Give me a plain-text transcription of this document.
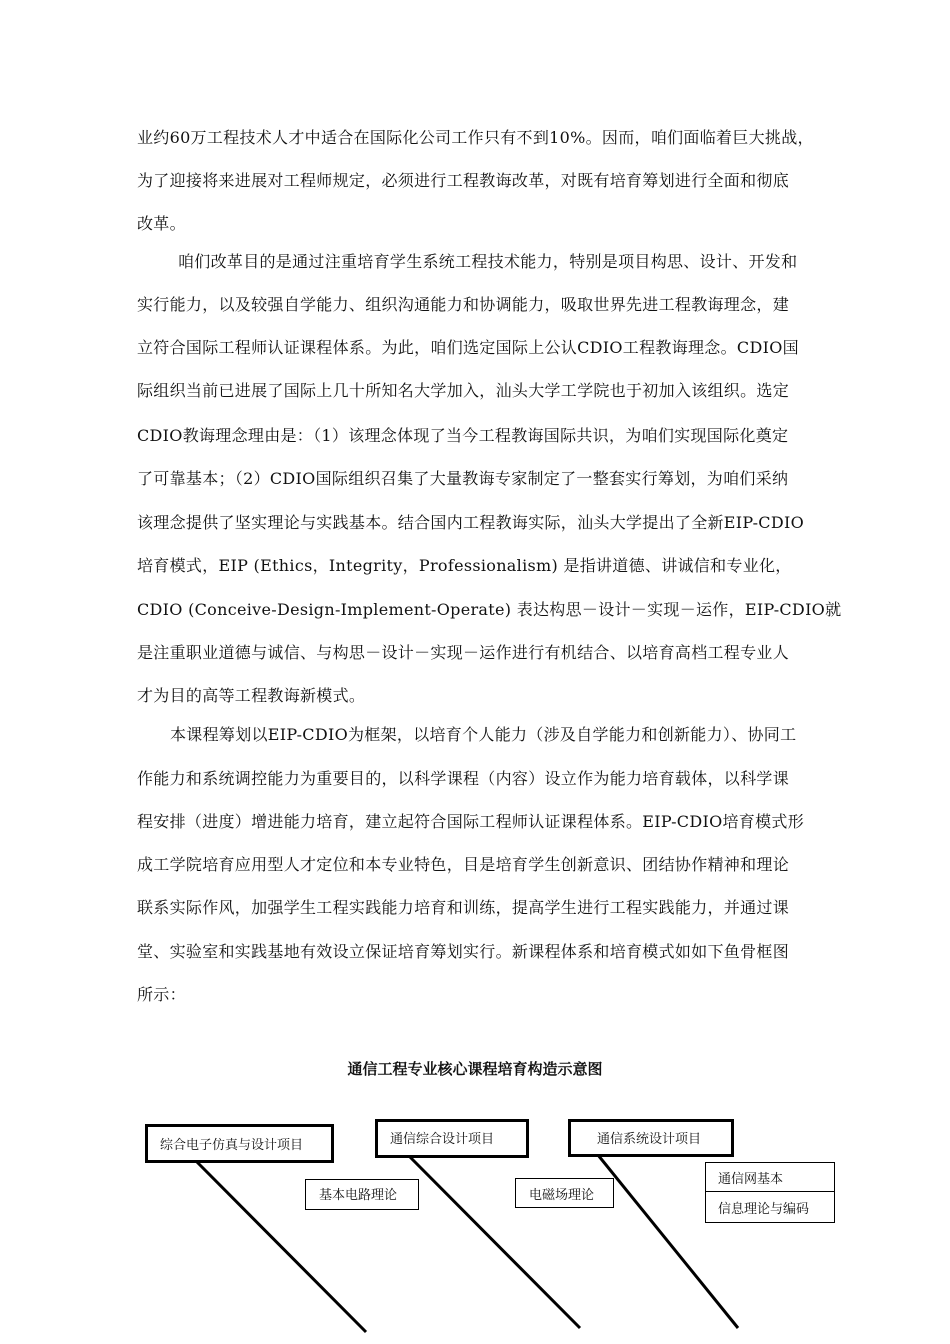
业约60万工程技术人才中适合在国际化公司工作只有不到10%。因而，咱们面临着巨大挑战，
为了迎接将来进展对工程师规定，必须进行工程教诲改革，对既有培育筹划进行全面和彻底
改革。
咱们改革目的是通过注重培育学生系统工程技术能力，特别是项目构思、设计、开发和
实行能力，以及较强自学能力、组织沟通能力和协调能力，吸取世界先进工程教诲理念，建
立符合国际工程师认证课程体系。为此，咱们选定国际上公认CDIO工程教诲理念。CDIO国
际组织当前已进展了国际上几十所知名大学加入，汕头大学工学院也于初加入该组织。选定
CDIO教诲理念理由是：（1）该理念体现了当今工程教诲国际共识，为咱们实现国际化奠定
了可靠基本；（2）CDIO国际组织召集了大量教诲专家制定了一整套实行筹划，为咱们采纳
该理念提供了坚实理论与实践基本。结合国内工程教诲实际，汕头大学提出了全新EIP-CDIO
培育模式，EIP (Ethics，Integrity，Professionalism) 是指讲道德、讲诚信和专业化，
CDIO (Conceive-Design-Implement-Operate) 表达构思－设计－实现－运作，EIP-CDIO就
是注重职业道德与诚信、与构思－设计－实现－运作进行有机结合、以培育高档工程专业人
才为目的高等工程教诲新模式。
本课程筹划以EIP-CDIO为框架，以培育个人能力（涉及自学能力和创新能力）、协同工
作能力和系统调控能力为重要目的，以科学课程（内容）设立作为能力培育载体，以科学课
程安排（进度）增进能力培育，建立起符合国际工程师认证课程体系。EIP-CDIO培育模式形
成工学院培育应用型人才定位和本专业特色，目是培育学生创新意识、团结协作精神和理论
联系实际作风，加强学生工程实践能力培育和训练，提高学生进行工程实践能力，并通过课
堂、实验室和实践基地有效设立保证培育筹划实行。新课程体系和培育模式如如下鱼骨框图
所示：
通信工程专业核心课程培育构造示意图
综合电子仿真与设计项目	通信综合设计项目	通信系统设计项目
基本电路理论	电磁场理论
通信网基本
信息理论与编码
